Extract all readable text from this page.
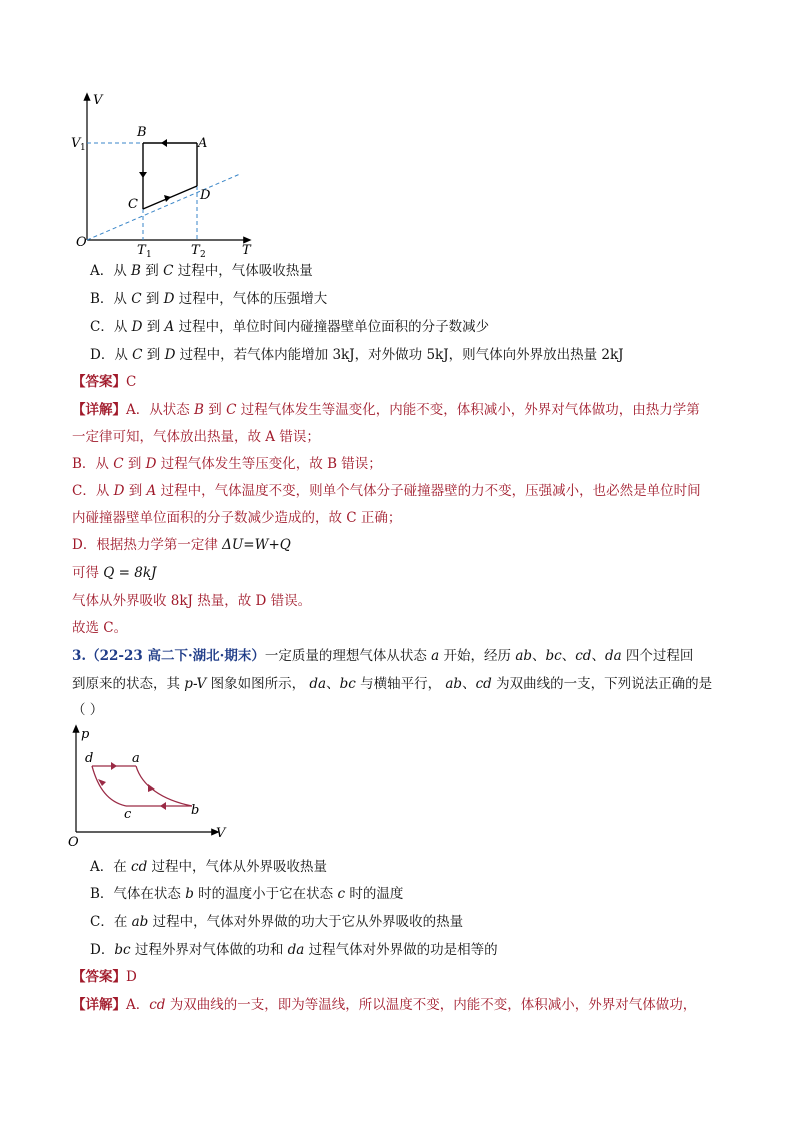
V
V 1
B
A
C
D
O
T 1	T 2	T
A．从 B 到 C 过程中，气体吸收热量
B．从 C 到 D 过程中，气体的压强增大
C．从 D 到 A 过程中，单位时间内碰撞器壁单位面积的分子数减少
D．从 C 到 D 过程中，若气体内能增加 3kJ，对外做功 5kJ，则气体向外界放出热量 2kJ
【答案】C
【详解】A．从状态 B 到 C 过程气体发生等温变化，内能不变，体积减小，外界对气体做功，由热力学第
一定律可知，气体放出热量，故 A 错误；
B．从 C 到 D 过程气体发生等压变化，故 B 错误；
C．从 D 到 A 过程中，气体温度不变，则单个气体分子碰撞器壁的力不变，压强减小，也必然是单位时间
内碰撞器壁单位面积的分子数减少造成的，故 C 正确；
D．根据热力学第一定律 ΔU=W+Q
可得 Q = 8kJ
气体从外界吸收 8kJ 热量，故 D 错误。
故选 C。
3.（22-23 高二下·湖北·期末）一定质量的理想气体从状态 a 开始，经历 ab、bc、cd、da 四个过程回
到原来的状态，其 p-V 图象如图所示， da、bc 与横轴平行， ab、cd 为双曲线的一支，下列说法正确的是
（ ）
p
d	a
b
c
O
V
A．在 cd 过程中，气体从外界吸收热量
B．气体在状态 b 时的温度小于它在状态 c 时的温度
C．在 ab 过程中，气体对外界做的功大于它从外界吸收的热量
D．bc 过程外界对气体做的功和 da 过程气体对外界做的功是相等的
【答案】D
【详解】A．cd 为双曲线的一支，即为等温线，所以温度不变，内能不变，体积减小，外界对气体做功，
